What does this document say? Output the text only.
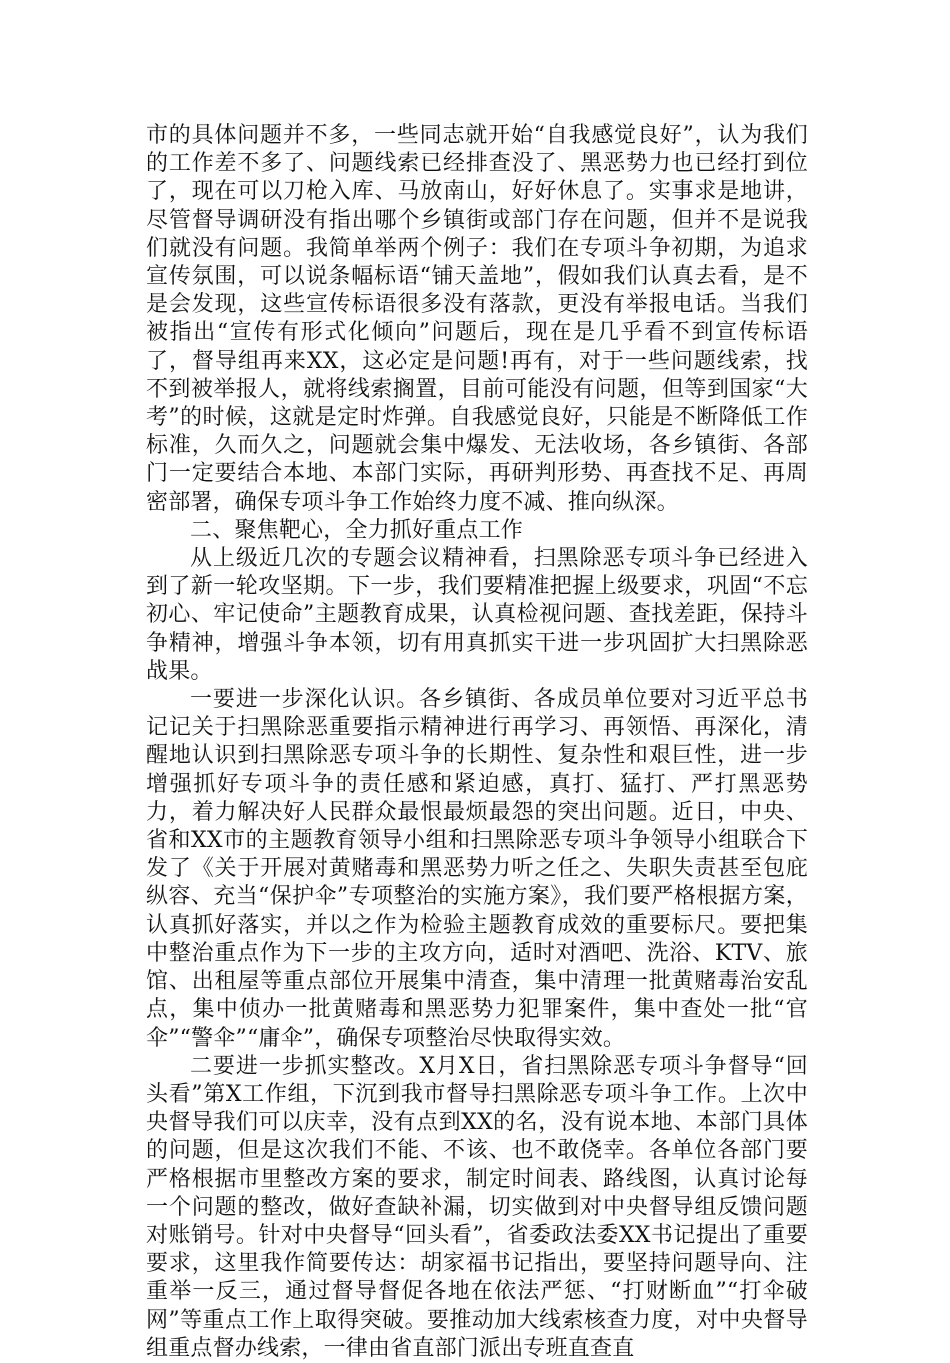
市的具体问题并不多，一些同志就开始“自我感觉良好”，认为我们的工作差不多了、问题线索已经排查没了、黑恶势力也已经打到位了，现在可以刀枪入库、马放南山，好好休息了。实事求是地讲，尽管督导调研没有指出哪个乡镇街或部门存在问题，但并不是说我们就没有问题。我简单举两个例子：我们在专项斗争初期，为追求宣传氛围，可以说条幅标语“铺天盖地”，假如我们认真去看，是不是会发现，这些宣传标语很多没有落款，更没有举报电话。当我们被指出“宣传有形式化倾向”问题后，现在是几乎看不到宣传标语了，督导组再来XX，这必定是问题!再有，对于一些问题线索，找不到被举报人，就将线索搁置，目前可能没有问题，但等到国家“大考”的时候，这就是定时炸弹。自我感觉良好，只能是不断降低工作标准，久而久之，问题就会集中爆发、无法收场，各乡镇街、各部门一定要结合本地、本部门实际，再研判形势、再查找不足、再周密部署，确保专项斗争工作始终力度不减、推向纵深。

二、聚焦靶心，全力抓好重点工作

从上级近几次的专题会议精神看，扫黑除恶专项斗争已经进入到了新一轮攻坚期。下一步，我们要精准把握上级要求，巩固“不忘初心、牢记使命”主题教育成果，认真检视问题、查找差距，保持斗争精神，增强斗争本领，切有用真抓实干进一步巩固扩大扫黑除恶战果。

一要进一步深化认识。各乡镇街、各成员单位要对习近平总书记记关于扫黑除恶重要指示精神进行再学习、再领悟、再深化，清醒地认识到扫黑除恶专项斗争的长期性、复杂性和艰巨性，进一步增强抓好专项斗争的责任感和紧迫感，真打、猛打、严打黑恶势力，着力解决好人民群众最恨最烦最怨的突出问题。近日，中央、省和XX市的主题教育领导小组和扫黑除恶专项斗争领导小组联合下发了《关于开展对黄赌毒和黑恶势力听之任之、失职失责甚至包庇纵容、充当“保护伞”专项整治的实施方案》，我们要严格根据方案，认真抓好落实，并以之作为检验主题教育成效的重要标尺。要把集中整治重点作为下一步的主攻方向，适时对酒吧、洗浴、KTV、旅馆、出租屋等重点部位开展集中清查，集中清理一批黄赌毒治安乱点，集中侦办一批黄赌毒和黑恶势力犯罪案件，集中查处一批“官伞”“警伞”“庸伞”，确保专项整治尽快取得实效。

二要进一步抓实整改。X月X日，省扫黑除恶专项斗争督导“回头看”第X工作组，下沉到我市督导扫黑除恶专项斗争工作。上次中央督导我们可以庆幸，没有点到XX的名，没有说本地、本部门具体的问题，但是这次我们不能、不该、也不敢侥幸。各单位各部门要严格根据市里整改方案的要求，制定时间表、路线图，认真讨论每一个问题的整改，做好查缺补漏，切实做到对中央督导组反馈问题对账销号。针对中央督导“回头看”，省委政法委XX书记提出了重要要求，这里我作简要传达：胡家福书记指出，要坚持问题导向、注重举一反三，通过督导督促各地在依法严惩、“打财断血”“打伞破网”等重点工作上取得突破。要推动加大线索核查力度，对中央督导组重点督办线索，一律由省直部门派出专班直查直
